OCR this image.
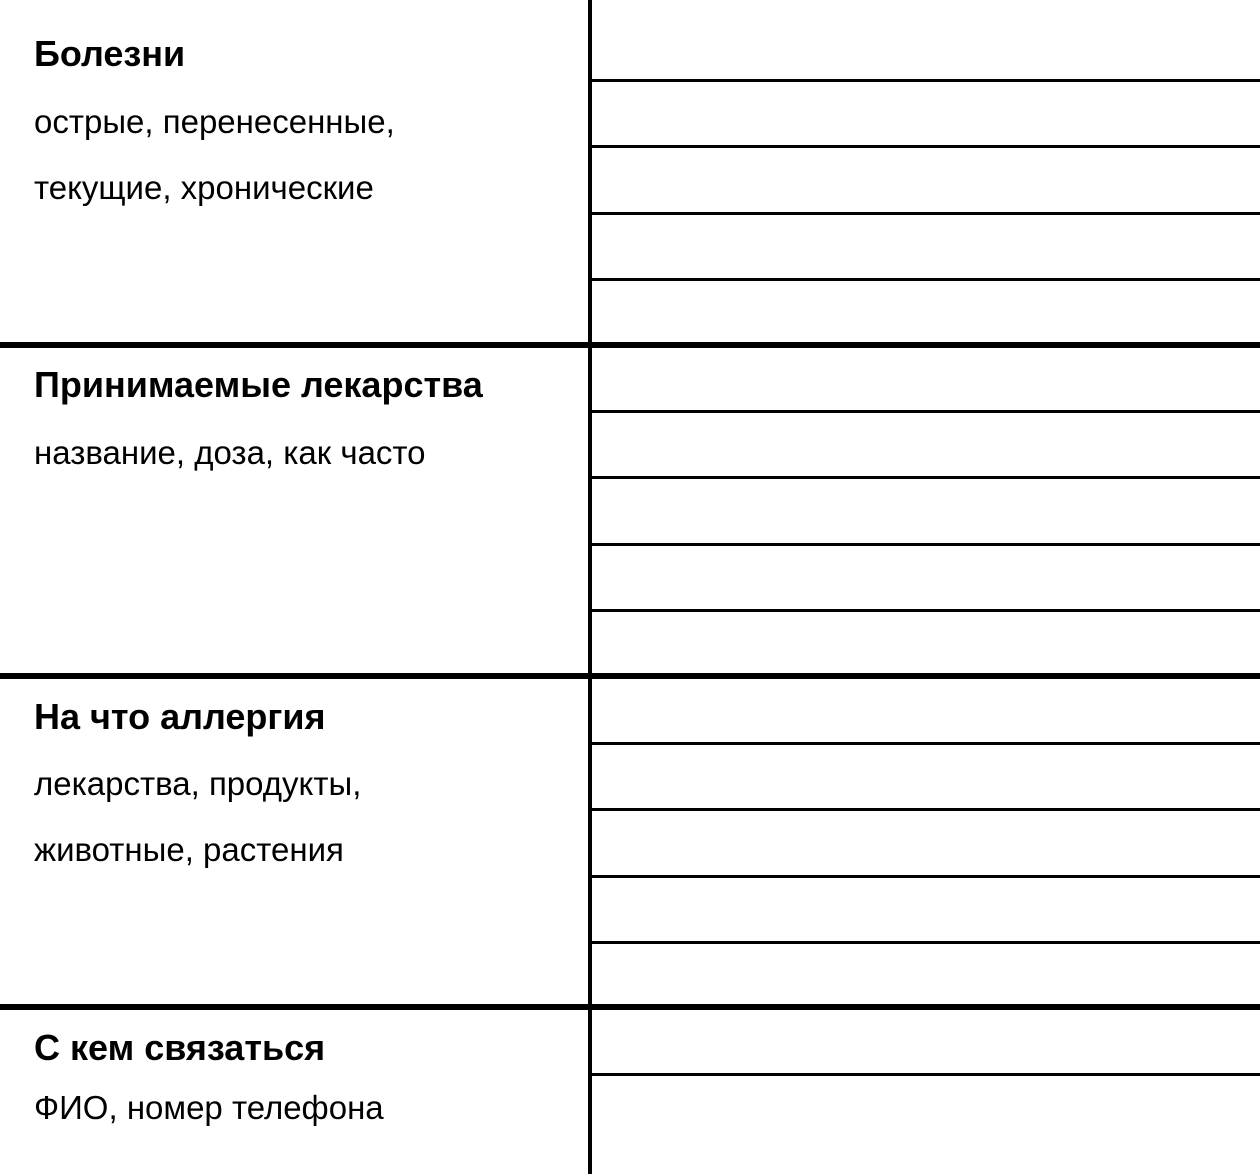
Болезни
острые, перенесенные,
текущие, хронические
Принимаемые лекарства
название, доза, как часто
На что аллергия
лекарства, продукты,
животные, растения
С кем связаться
ФИО, номер телефона
